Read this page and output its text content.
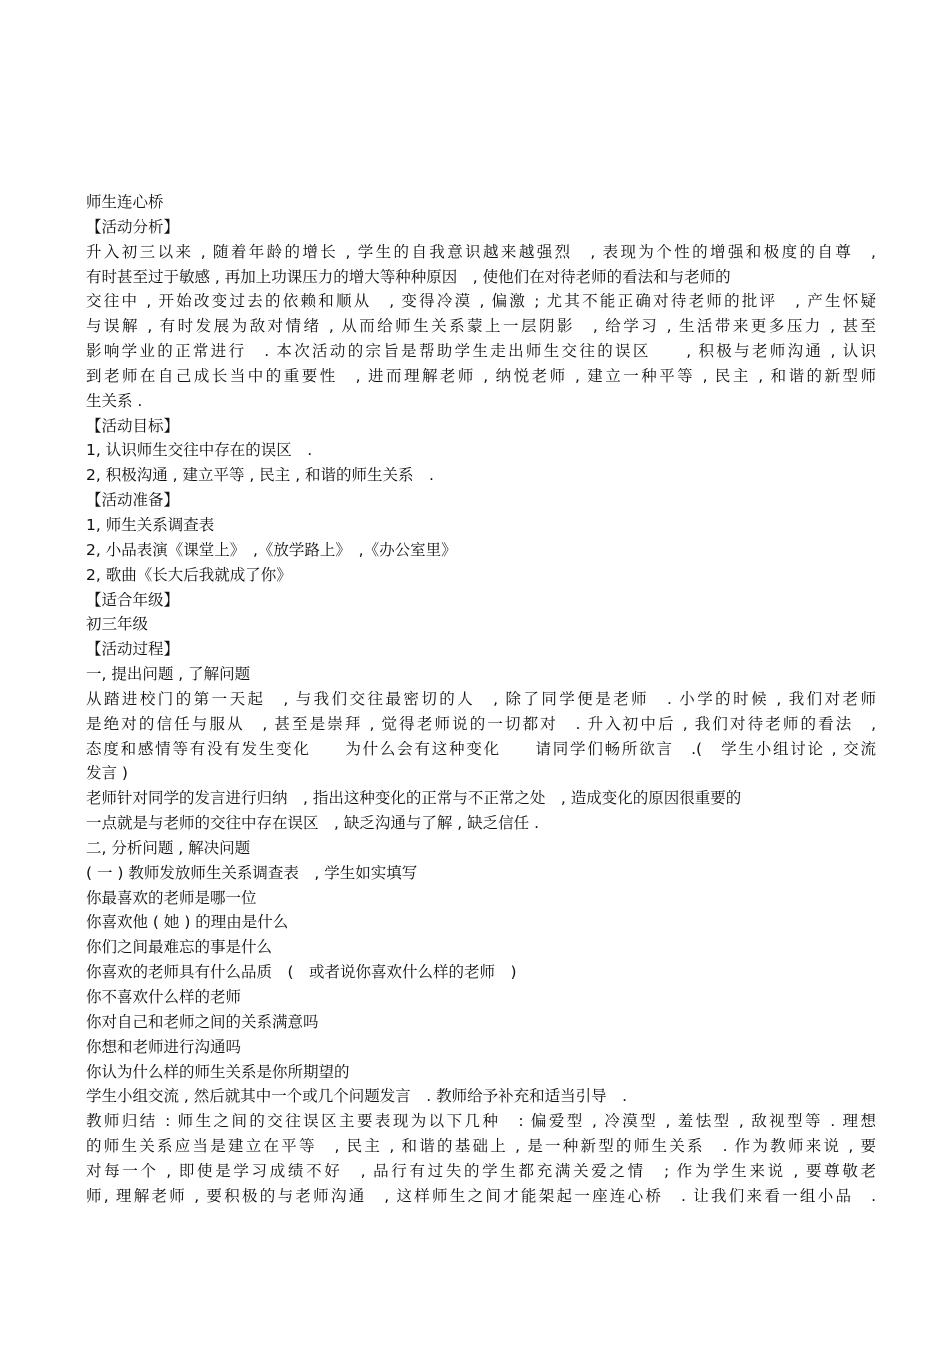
师生连心桥
【活动分析】
升入初三以来 , 随着年龄的增长 , 学生的自我意识越来越强烈　, 表现为个性的增强和极度的自尊　,
有时甚至过于敏感 , 再加上功课压力的增大等种种原因　, 使他们在对待老师的看法和与老师的
交往中 , 开始改变过去的依赖和顺从　, 变得冷漠 , 偏激 ; 尤其不能正确对待老师的批评　, 产生怀疑
与误解 , 有时发展为敌对情绪 , 从而给师生关系蒙上一层阴影　, 给学习 , 生活带来更多压力 , 甚至
影响学业的正常进行　. 本次活动的宗旨是帮助学生走出师生交往的误区　　, 积极与老师沟通 , 认识
到老师在自己成长当中的重要性　, 进而理解老师 , 纳悦老师 , 建立一种平等 , 民主 , 和谐的新型师
生关系 .
【活动目标】
1, 认识师生交往中存在的误区　.
2, 积极沟通 , 建立平等 , 民主 , 和谐的师生关系　.
【活动准备】
1, 师生关系调查表
2, 小品表演《课堂上》　,《放学路上》　,《办公室里》
2, 歌曲《长大后我就成了你》
【适合年级】
初三年级
【活动过程】
一, 提出问题 , 了解问题
从踏进校门的第一天起　, 与我们交往最密切的人　, 除了同学便是老师　. 小学的时候 , 我们对老师
是绝对的信任与服从　, 甚至是崇拜 , 觉得老师说的一切都对　. 升入初中后 , 我们对待老师的看法　,
态度和感情等有没有发生变化　　为什么会有这种变化　　请同学们畅所欲言　.(　学生小组讨论 , 交流
发言 )
老师针对同学的发言进行归纳　, 指出这种变化的正常与不正常之处　, 造成变化的原因很重要的
一点就是与老师的交往中存在误区　, 缺乏沟通与了解 , 缺乏信任 .
二, 分析问题 , 解决问题
( 一 ) 教师发放师生关系调查表　, 学生如实填写
你最喜欢的老师是哪一位
你喜欢他 ( 她 ) 的理由是什么
你们之间最难忘的事是什么
你喜欢的老师具有什么品质　(　或者说你喜欢什么样的老师　)
你不喜欢什么样的老师
你对自己和老师之间的关系满意吗
你想和老师进行沟通吗
你认为什么样的师生关系是你所期望的
学生小组交流 , 然后就其中一个或几个问题发言　. 教师给予补充和适当引导　.
教师归结 : 师生之间的交往误区主要表现为以下几种　: 偏爱型 , 冷漠型 , 羞怯型 , 敌视型等 . 理想
的师生关系应当是建立在平等　, 民主 , 和谐的基础上 , 是一种新型的师生关系　. 作为教师来说 , 要
对每一个 , 即使是学习成绩不好　, 品行有过失的学生都充满关爱之情　; 作为学生来说 , 要尊敬老
师, 理解老师 , 要积极的与老师沟通　, 这样师生之间才能架起一座连心桥　. 让我们来看一组小品　.
